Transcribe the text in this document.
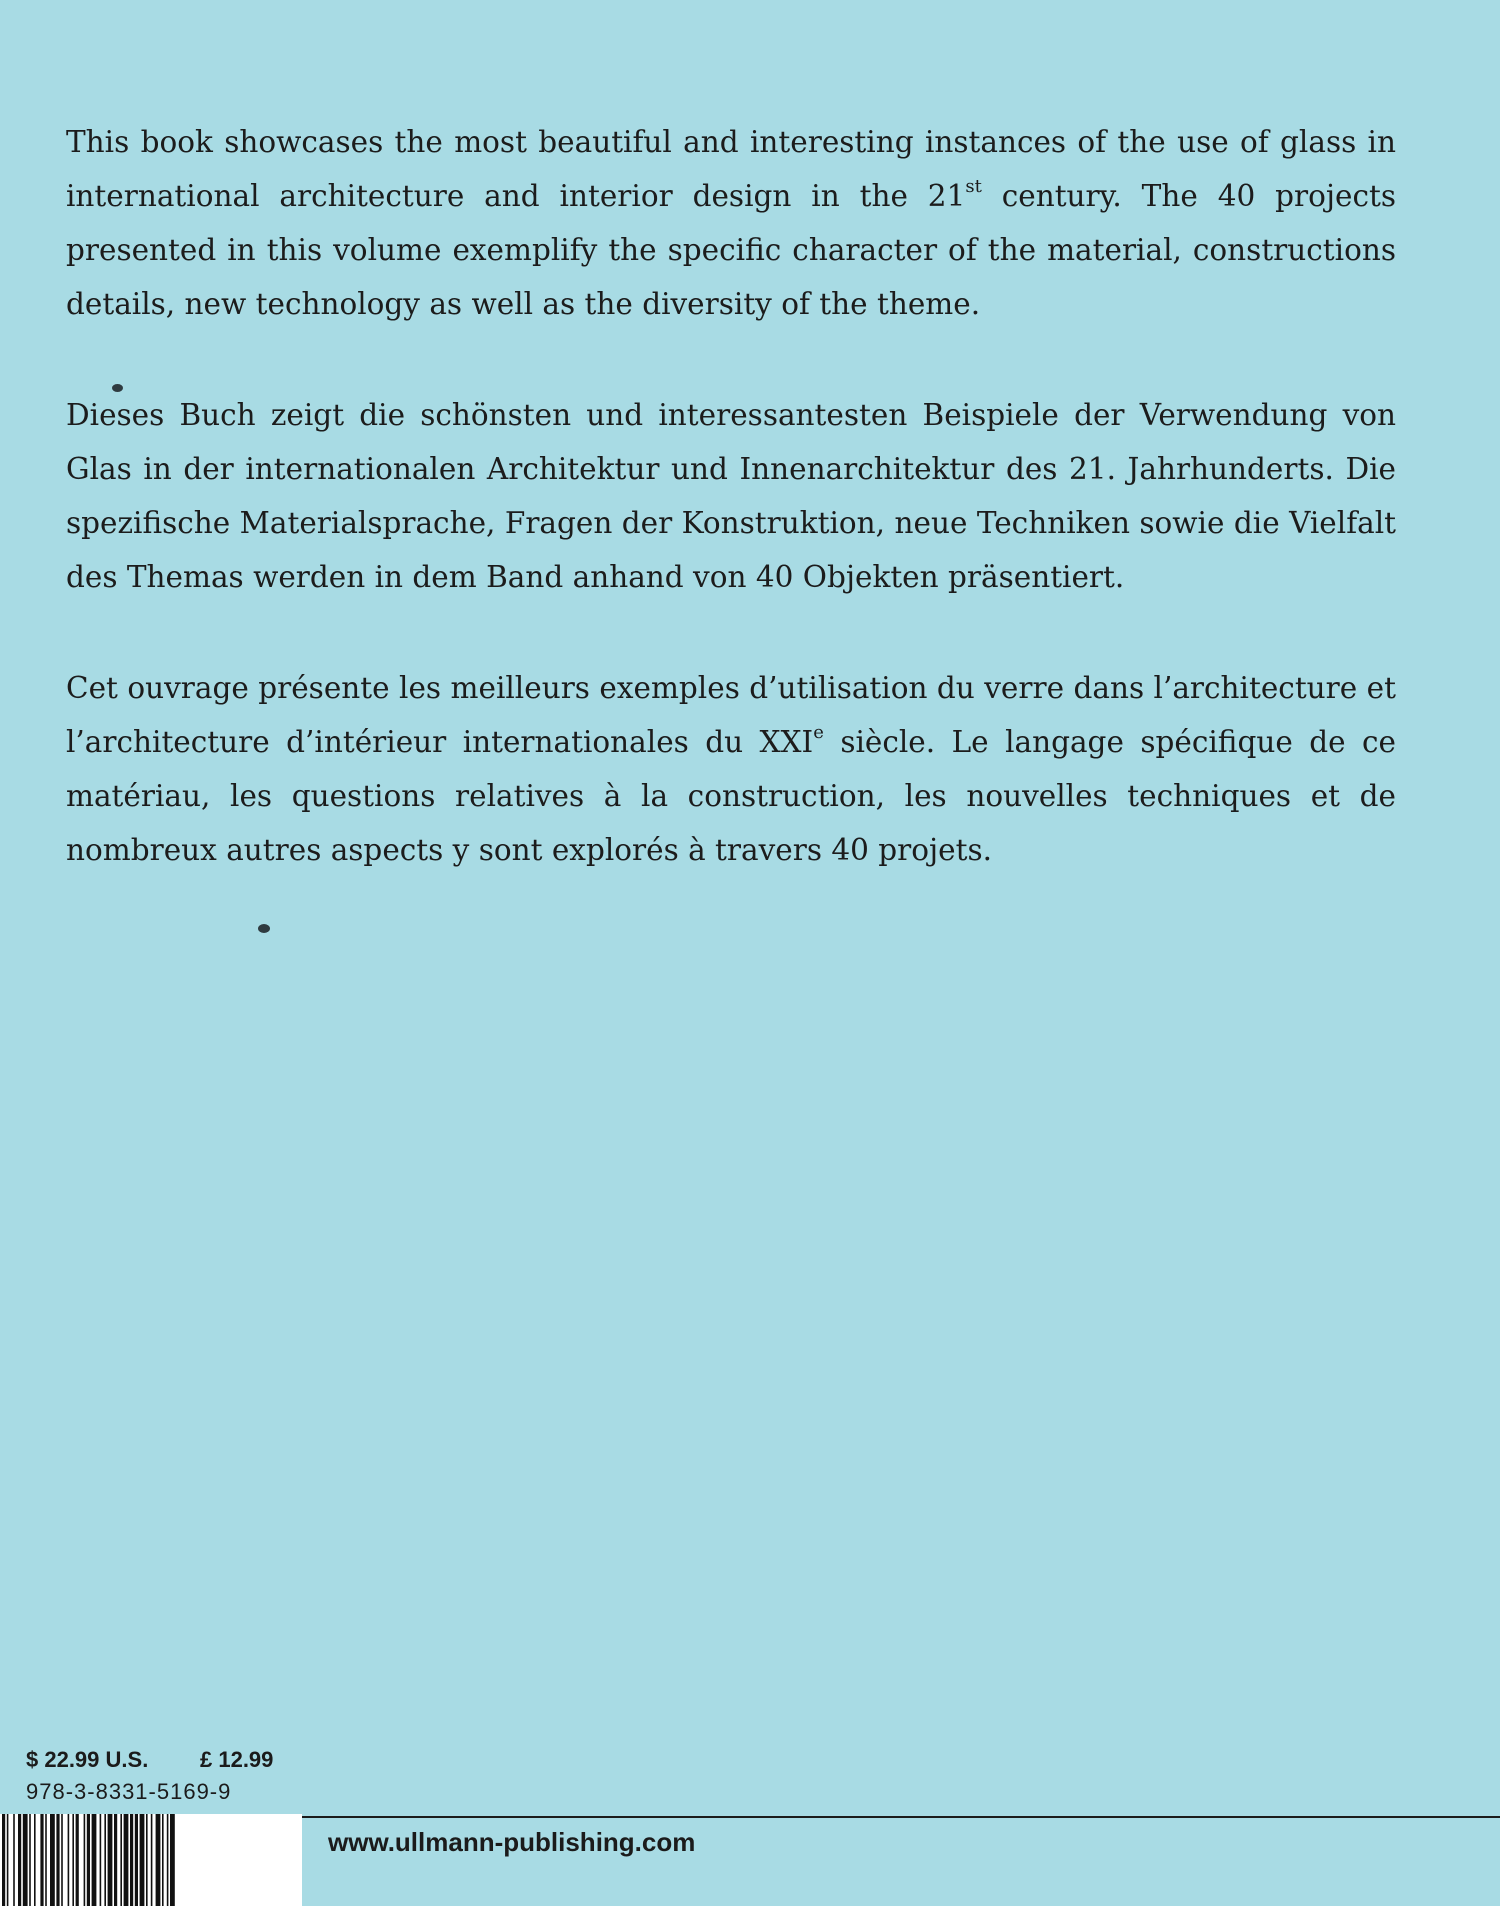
This book showcases the most beautiful and interesting instances of the use of glass in international architecture and interior design in the 21st century. The 40 projects presented in this volume exemplify the specific character of the material, constructions details, new technology as well as the diversity of the theme.

Dieses Buch zeigt die schönsten und interessantesten Beispiele der Verwendung von Glas in der internationalen Architektur und Innenarchitektur des 21. Jahrhunderts. Die spezifische Materialsprache, Fragen der Konstruktion, neue Techniken sowie die Vielfalt des Themas werden in dem Band anhand von 40 Objekten präsentiert.

Cet ouvrage présente les meilleurs exemples d’utilisation du verre dans l’architecture et l’architecture d’intérieur internationales du XXIe siècle. Le langage spécifique de ce matériau, les questions relatives à la construction, les nouvelles techniques et de nombreux autres aspects y sont explorés à travers 40 projets.

$ 22.99 U.S. £ 12.99
978-3-8331-5169-9
www.ullmann-publishing.com
